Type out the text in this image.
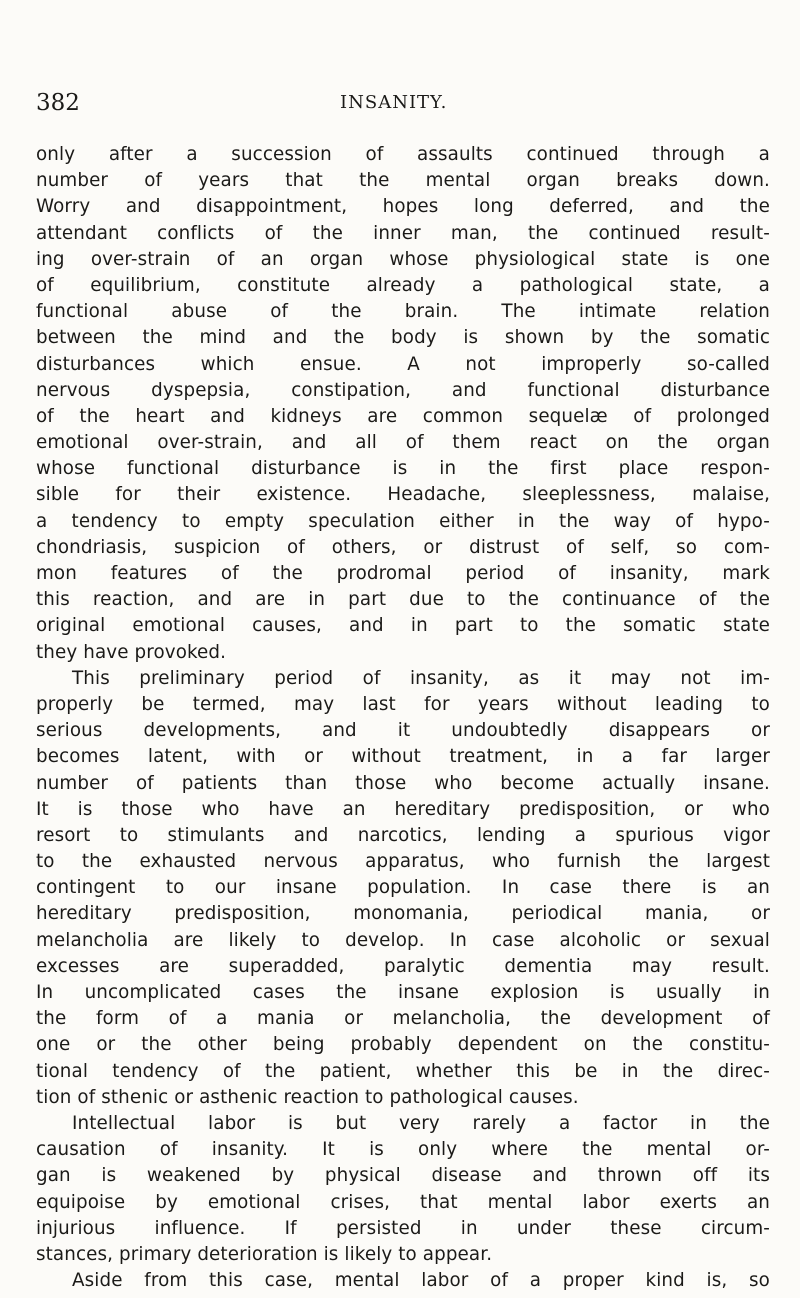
382	INSANITY.
only after a succession of assaults continued through a
number of years that the mental organ breaks down.
Worry and disappointment, hopes long deferred, and the
attendant conflicts of the inner man, the continued result-
ing over-strain of an organ whose physiological state is one
of equilibrium, constitute already a pathological state, a
functional abuse of the brain. The intimate relation
between the mind and the body is shown by the somatic
disturbances which ensue. A not improperly so-called
nervous dyspepsia, constipation, and functional disturbance
of the heart and kidneys are common sequelæ of prolonged
emotional over-strain, and all of them react on the organ
whose functional disturbance is in the first place respon-
sible for their existence. Headache, sleeplessness, malaise,
a tendency to empty speculation either in the way of hypo-
chondriasis, suspicion of others, or distrust of self, so com-
mon features of the prodromal period of insanity, mark
this reaction, and are in part due to the continuance of the
original emotional causes, and in part to the somatic state
they have provoked.
This preliminary period of insanity, as it may not im-
properly be termed, may last for years without leading to
serious developments, and it undoubtedly disappears or
becomes latent, with or without treatment, in a far larger
number of patients than those who become actually insane.
It is those who have an hereditary predisposition, or who
resort to stimulants and narcotics, lending a spurious vigor
to the exhausted nervous apparatus, who furnish the largest
contingent to our insane population. In case there is an
hereditary predisposition, monomania, periodical mania, or
melancholia are likely to develop. In case alcoholic or sexual
excesses are superadded, paralytic dementia may result.
In uncomplicated cases the insane explosion is usually in
the form of a mania or melancholia, the development of
one or the other being probably dependent on the constitu-
tional tendency of the patient, whether this be in the direc-
tion of sthenic or asthenic reaction to pathological causes.
Intellectual labor is but very rarely a factor in the
causation of insanity. It is only where the mental or-
gan is weakened by physical disease and thrown off its
equipoise by emotional crises, that mental labor exerts an
injurious influence. If persisted in under these circum-
stances, primary deterioration is likely to appear.
Aside from this case, mental labor of a proper kind is, so
